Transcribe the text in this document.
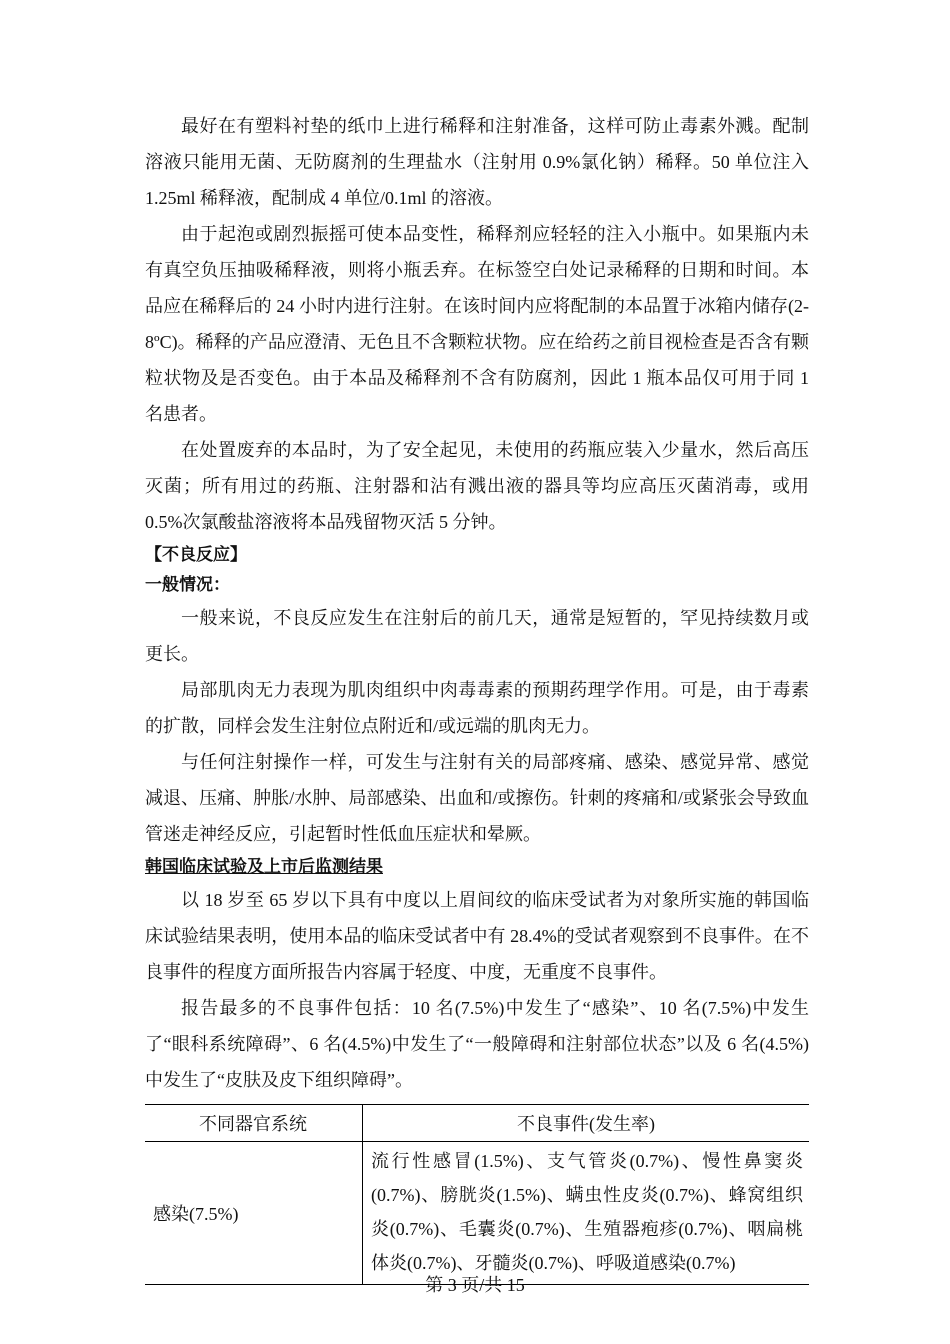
最好在有塑料衬垫的纸巾上进行稀释和注射准备，这样可防止毒素外溅。配制溶液只能用无菌、无防腐剂的生理盐水（注射用 0.9%氯化钠）稀释。50 单位注入 1.25ml 稀释液，配制成 4 单位/0.1ml 的溶液。

由于起泡或剧烈振摇可使本品变性，稀释剂应轻轻的注入小瓶中。如果瓶内未有真空负压抽吸稀释液，则将小瓶丢弃。在标签空白处记录稀释的日期和时间。本品应在稀释后的 24 小时内进行注射。在该时间内应将配制的本品置于冰箱内储存(2-8ºC)。稀释的产品应澄清、无色且不含颗粒状物。应在给药之前目视检查是否含有颗粒状物及是否变色。由于本品及稀释剂不含有防腐剂，因此 1 瓶本品仅可用于同 1 名患者。

在处置废弃的本品时，为了安全起见，未使用的药瓶应装入少量水，然后高压灭菌；所有用过的药瓶、注射器和沾有溅出液的器具等均应高压灭菌消毒，或用 0.5%次氯酸盐溶液将本品残留物灭活 5 分钟。

【不良反应】
一般情况：

一般来说，不良反应发生在注射后的前几天，通常是短暂的，罕见持续数月或更长。

局部肌肉无力表现为肌肉组织中肉毒毒素的预期药理学作用。可是，由于毒素的扩散，同样会发生注射位点附近和/或远端的肌肉无力。

与任何注射操作一样，可发生与注射有关的局部疼痛、感染、感觉异常、感觉减退、压痛、肿胀/水肿、局部感染、出血和/或擦伤。针刺的疼痛和/或紧张会导致血管迷走神经反应，引起暂时性低血压症状和晕厥。

韩国临床试验及上市后监测结果

以 18 岁至 65 岁以下具有中度以上眉间纹的临床受试者为对象所实施的韩国临床试验结果表明，使用本品的临床受试者中有 28.4%的受试者观察到不良事件。在不良事件的程度方面所报告内容属于轻度、中度，无重度不良事件。

报告最多的不良事件包括：10 名(7.5%)中发生了“感染”、10 名(7.5%)中发生了“眼科系统障碍”、6 名(4.5%)中发生了“一般障碍和注射部位状态”以及 6 名(4.5%)中发生了“皮肤及皮下组织障碍”。

不同器官系统	不良事件(发生率)
感染(7.5%)	流行性感冒(1.5%)、支气管炎(0.7%)、慢性鼻窦炎(0.7%)、膀胱炎(1.5%)、螨虫性皮炎(0.7%)、蜂窝组织炎(0.7%)、毛囊炎(0.7%)、生殖器疱疹(0.7%)、咽扁桃体炎(0.7%)、牙髓炎(0.7%)、呼吸道感染(0.7%)
第 3 页/共 15
